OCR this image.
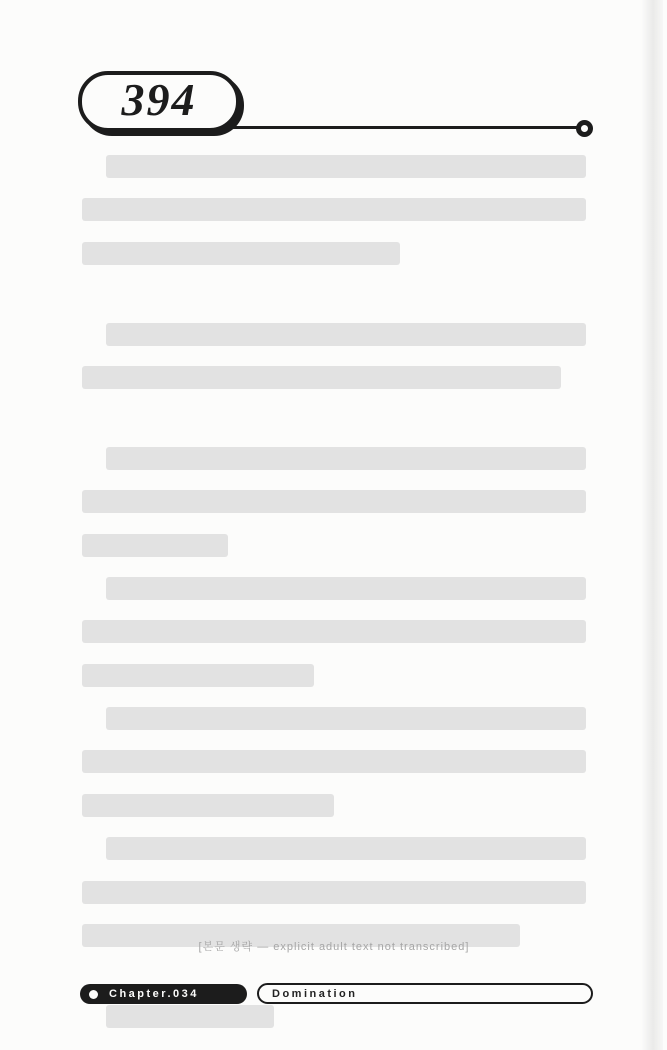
394
[본문 생략 — explicit adult text not transcribed]
Chapter.034	Domination
